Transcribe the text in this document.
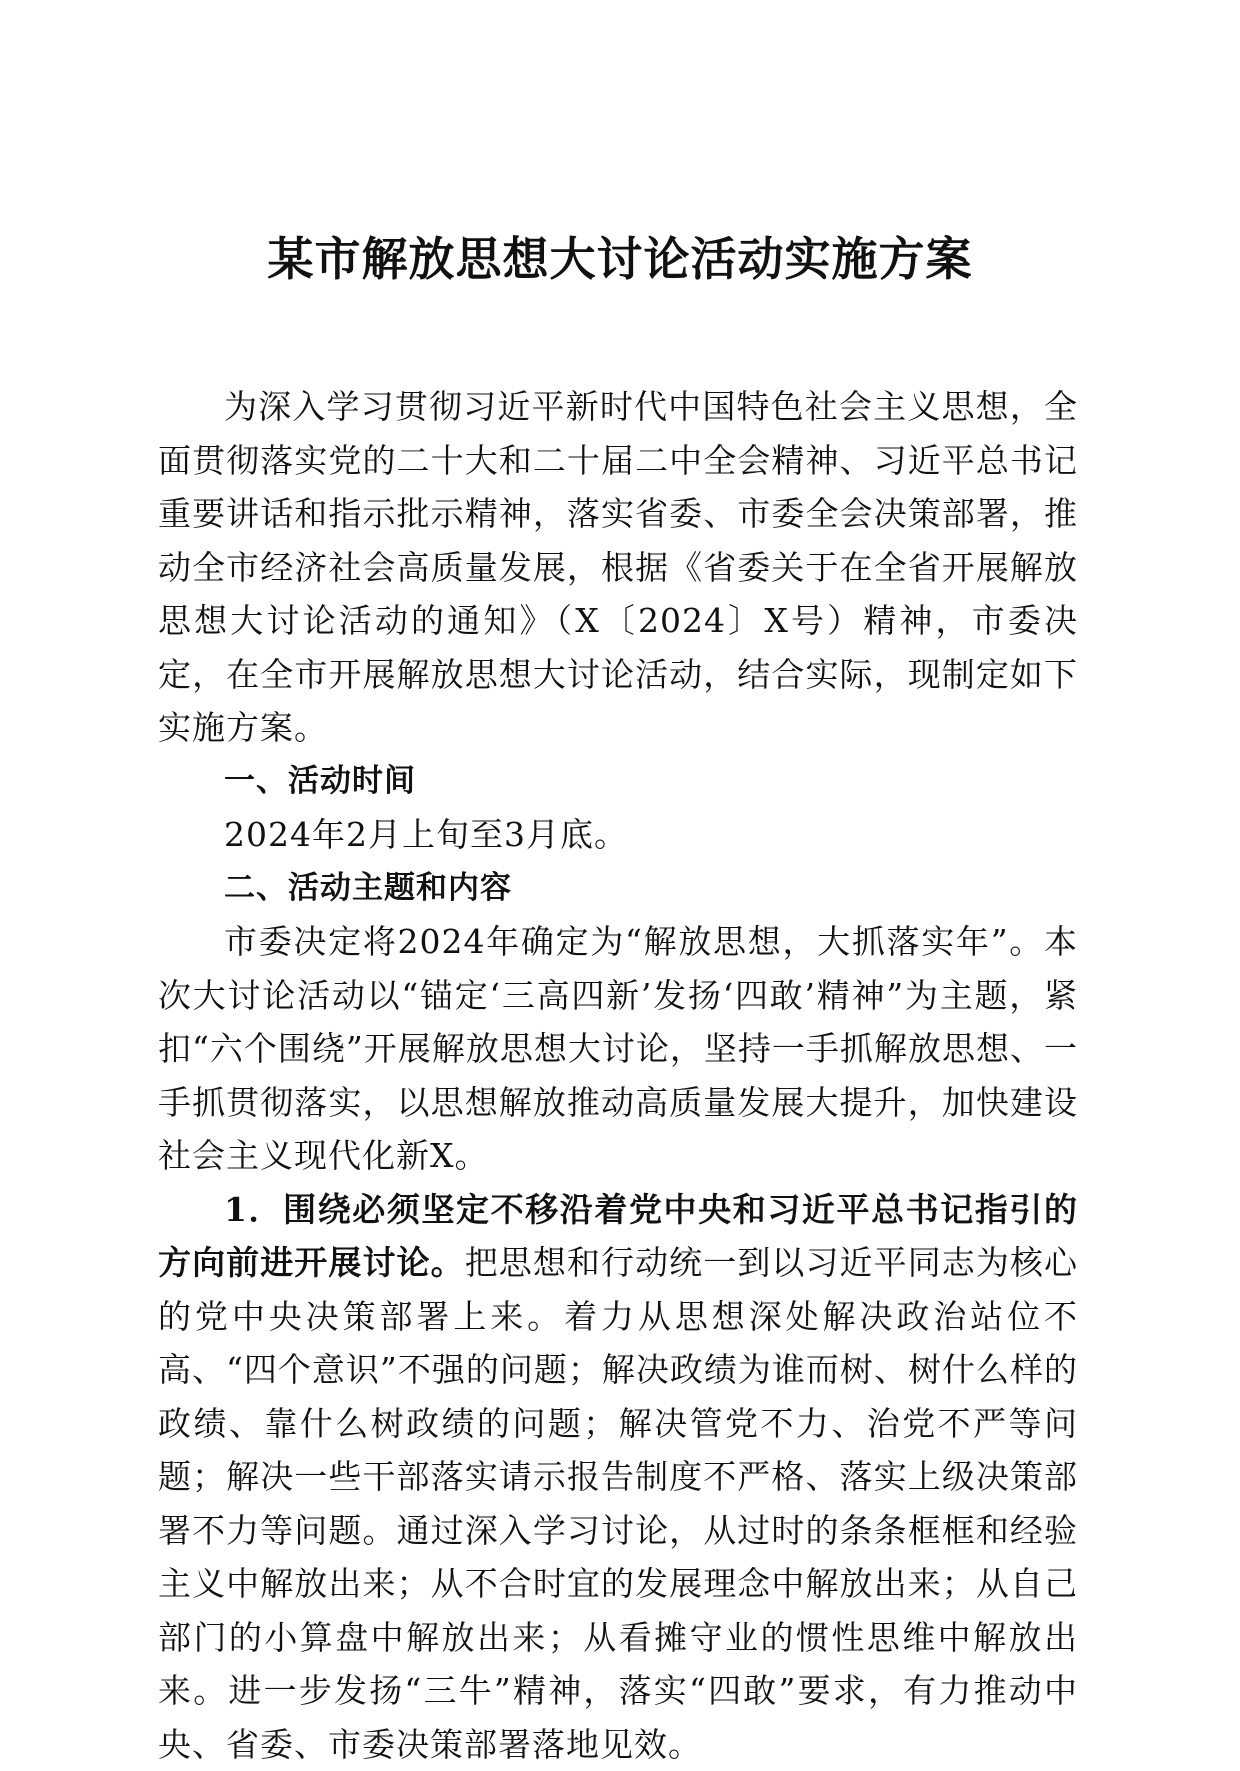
某市解放思想大讨论活动实施方案

为深入学习贯彻习近平新时代中国特色社会主义思想，全面贯彻落实党的二十大和二十届二中全会精神、习近平总书记重要讲话和指示批示精神，落实省委、市委全会决策部署，推动全市经济社会高质量发展，根据《省委关于在全省开展解放思想大讨论活动的通知》（X〔2024〕X号）精神，市委决定，在全市开展解放思想大讨论活动，结合实际，现制定如下实施方案。

一、活动时间

2024年2月上旬至3月底。

二、活动主题和内容

市委决定将2024年确定为“解放思想，大抓落实年”。本次大讨论活动以“锚定‘三高四新’发扬‘四敢’精神”为主题，紧扣“六个围绕”开展解放思想大讨论，坚持一手抓解放思想、一手抓贯彻落实，以思想解放推动高质量发展大提升，加快建设社会主义现代化新X。

1．围绕必须坚定不移沿着党中央和习近平总书记指引的方向前进开展讨论。把思想和行动统一到以习近平同志为核心的党中央决策部署上来。着力从思想深处解决政治站位不高、“四个意识”不强的问题；解决政绩为谁而树、树什么样的政绩、靠什么树政绩的问题；解决管党不力、治党不严等问题；解决一些干部落实请示报告制度不严格、落实上级决策部署不力等问题。通过深入学习讨论，从过时的条条框框和经验主义中解放出来；从不合时宜的发展理念中解放出来；从自己部门的小算盘中解放出来；从看摊守业的惯性思维中解放出来。进一步发扬“三牛”精神，落实“四敢”要求，有力推动中央、省委、市委决策部署落地见效。
